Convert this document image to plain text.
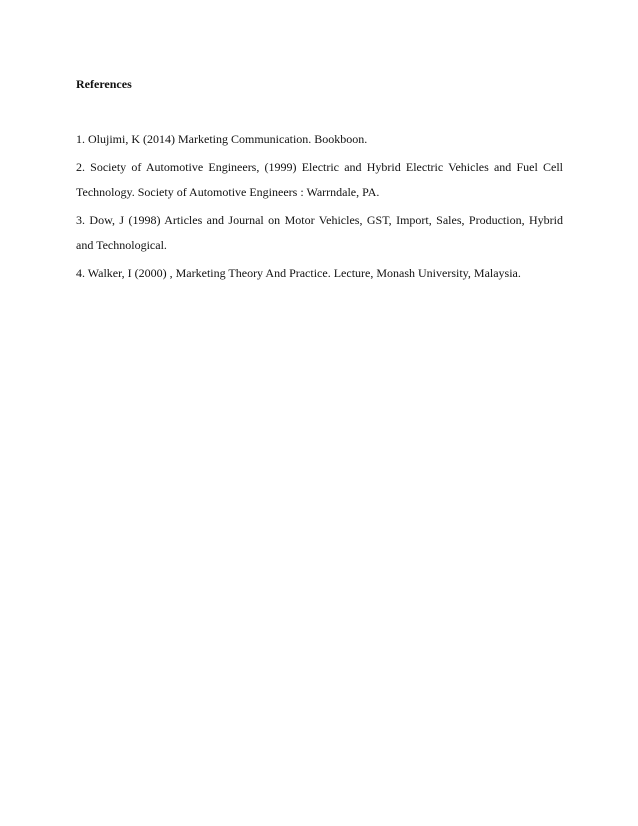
References
1. Olujimi, K (2014) Marketing Communication. Bookboon.
2. Society of Automotive Engineers, (1999) Electric and Hybrid Electric Vehicles and Fuel Cell Technology. Society of Automotive Engineers : Warrndale, PA.
3. Dow, J (1998) Articles and Journal on Motor Vehicles, GST, Import, Sales, Production, Hybrid and Technological.
4. Walker, I (2000) , Marketing Theory And Practice. Lecture, Monash University, Malaysia.
